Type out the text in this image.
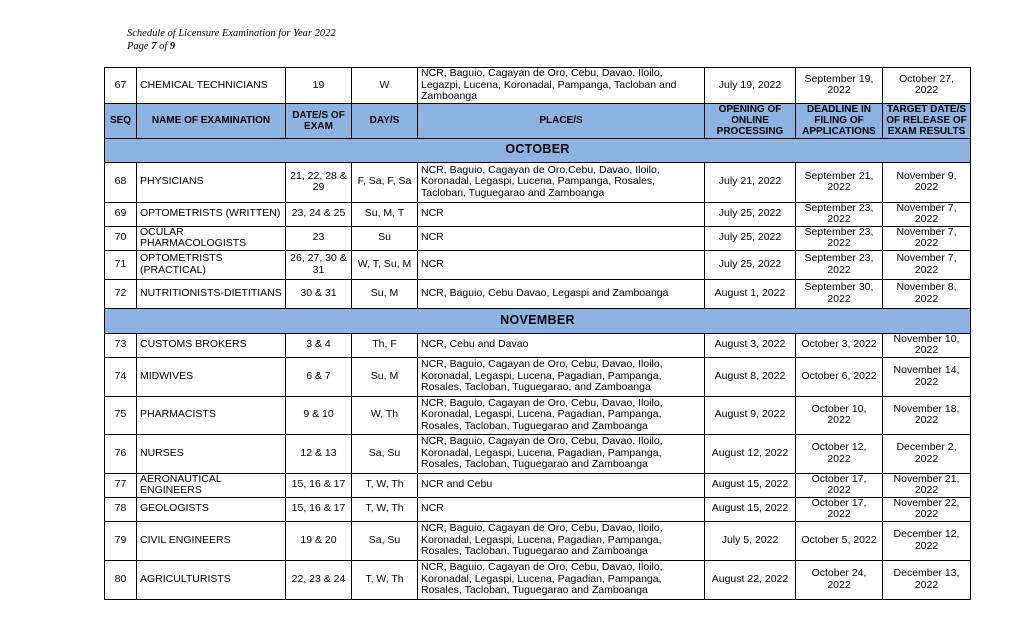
Schedule of Licensure Examination for Year 2022
Page 7 of 9
67	CHEMICAL TECHNICIANS	19	W	NCR, Baguio, Cagayan de Oro, Cebu, Davao, Iloilo, Legazpi, Lucena, Koronadal, Pampanga, Tacloban and Zamboanga	July 19, 2022	September 19, 2022	October 27, 2022
SEQ	NAME OF EXAMINATION	DATE/S OF EXAM	DAY/S	PLACE/S	OPENING OF ONLINE PROCESSING	DEADLINE IN FILING OF APPLICATIONS	TARGET DATE/S OF RELEASE OF EXAM RESULTS
OCTOBER							
68	PHYSICIANS	21, 22, 28 & 29	F, Sa, F, Sa	NCR, Baguio, Cagayan de Oro,Cebu, Davao, Iloilo, Koronadal, Legaspi, Lucena, Pampanga, Rosales, Tacloban, Tuguegarao and Zamboanga	July 21, 2022	September 21, 2022	November 9, 2022
69	OPTOMETRISTS (WRITTEN)	23, 24 & 25	Su, M, T	NCR	July 25, 2022	September 23, 2022	November 7, 2022
70	OCULAR PHARMACOLOGISTS	23	Su	NCR	July 25, 2022	September 23, 2022	November 7, 2022
71	OPTOMETRISTS (PRACTICAL)	26, 27, 30 & 31	W, T, Su, M	NCR	July 25, 2022	September 23, 2022	November 7, 2022
72	NUTRITIONISTS-DIETITIANS	30 & 31	Su, M	NCR, Baguio, Cebu Davao, Legaspi and Zamboanga	August 1, 2022	September 30, 2022	November 8, 2022
NOVEMBER							
73	CUSTOMS BROKERS	3 & 4	Th, F	NCR, Cebu and Davao	August 3, 2022	October 3, 2022	November 10, 2022
74	MIDWIVES	6 & 7	Su, M	NCR, Baguio, Cagayan de Oro, Cebu, Davao, Iloilo, Koronadal, Legaspi, Lucena, Pagadian, Pampanga, Rosales, Tacloban, Tuguegarao, and Zamboanga	August 8, 2022	October 6, 2022	November 14, 2022
75	PHARMACISTS	9 & 10	W, Th	NCR, Baguio, Cagayan de Oro, Cebu, Davao, Iloilo, Koronadal, Legaspi, Lucena, Pagadian, Pampanga, Rosales, Tacloban, Tuguegarao and Zamboanga	August 9, 2022	October 10, 2022	November 18, 2022
76	NURSES	12 & 13	Sa, Su	NCR, Baguio, Cagayan de Oro, Cebu, Davao, Iloilo, Koronadal, Legaspi, Lucena, Pagadian, Pampanga, Rosales, Tacloban, Tuguegarao and Zamboanga	August 12, 2022	October 12, 2022	December 2, 2022
77	AERONAUTICAL ENGINEERS	15, 16 & 17	T, W, Th	NCR and Cebu	August 15, 2022	October 17, 2022	November 21, 2022
78	GEOLOGISTS	15, 16 & 17	T, W, Th	NCR	August 15, 2022	October 17, 2022	November 22, 2022
79	CIVIL ENGINEERS	19 & 20	Sa, Su	NCR, Baguio, Cagayan de Oro, Cebu, Davao, Iloilo, Koronadal, Legaspi, Lucena, Pagadian, Pampanga, Rosales, Tacloban, Tuguegarao and Zamboanga	July 5, 2022	October 5, 2022	December 12, 2022
80	AGRICULTURISTS	22, 23 & 24	T, W, Th	NCR, Baguio, Cagayan de Oro, Cebu, Davao, Iloilo, Koronadal, Legaspi, Lucena, Pagadian, Pampanga, Rosales, Tacloban, Tuguegarao and Zamboanga	August 22, 2022	October 24, 2022	December 13, 2022
